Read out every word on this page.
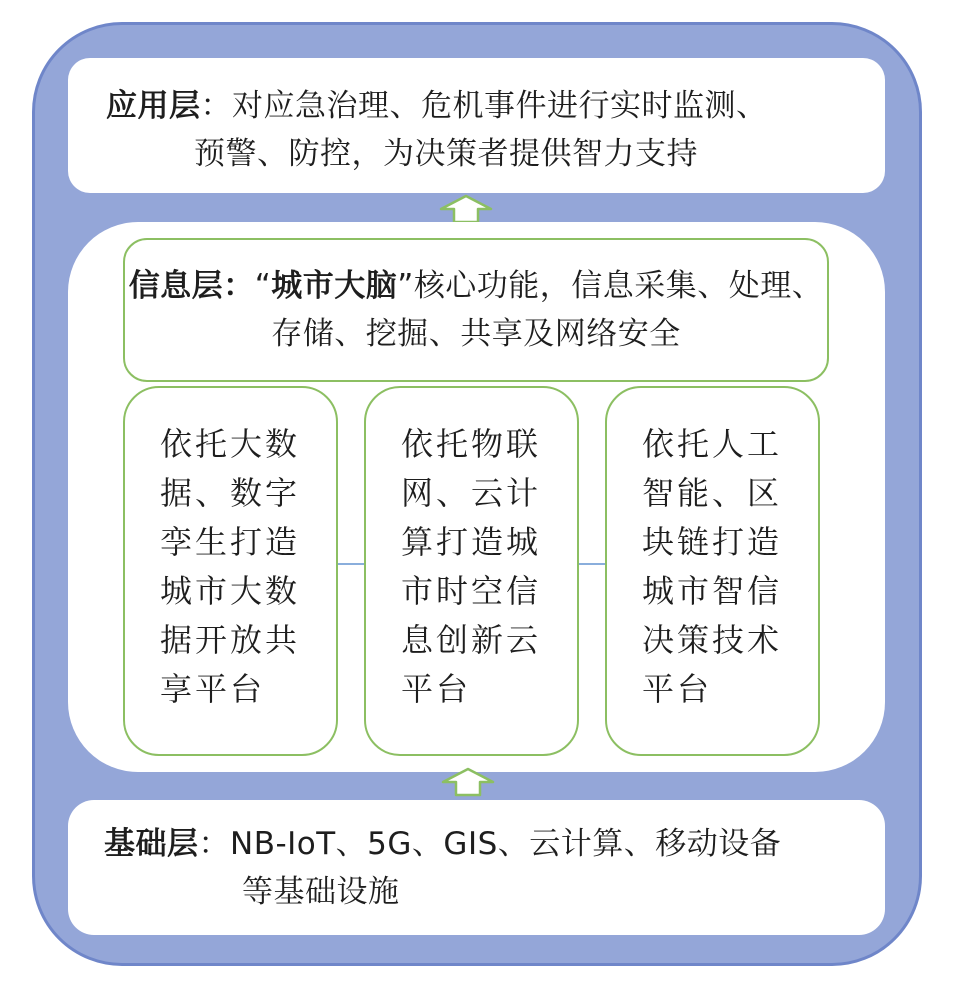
应用层：对应急治理、危机事件进行实时监测、
预警、防控，为决策者提供智力支持
信息层：“城市大脑”核心功能，信息采集、处理、存储、挖掘、共享及网络安全
依托大数据、数字孪生打造城市大数据开放共享平台
依托物联网、云计算打造城市时空信息创新云平台
依托人工智能、区块链打造城市智信决策技术平台
基础层：NB-IoT、5G、GIS、云计算、移动设备
等基础设施
